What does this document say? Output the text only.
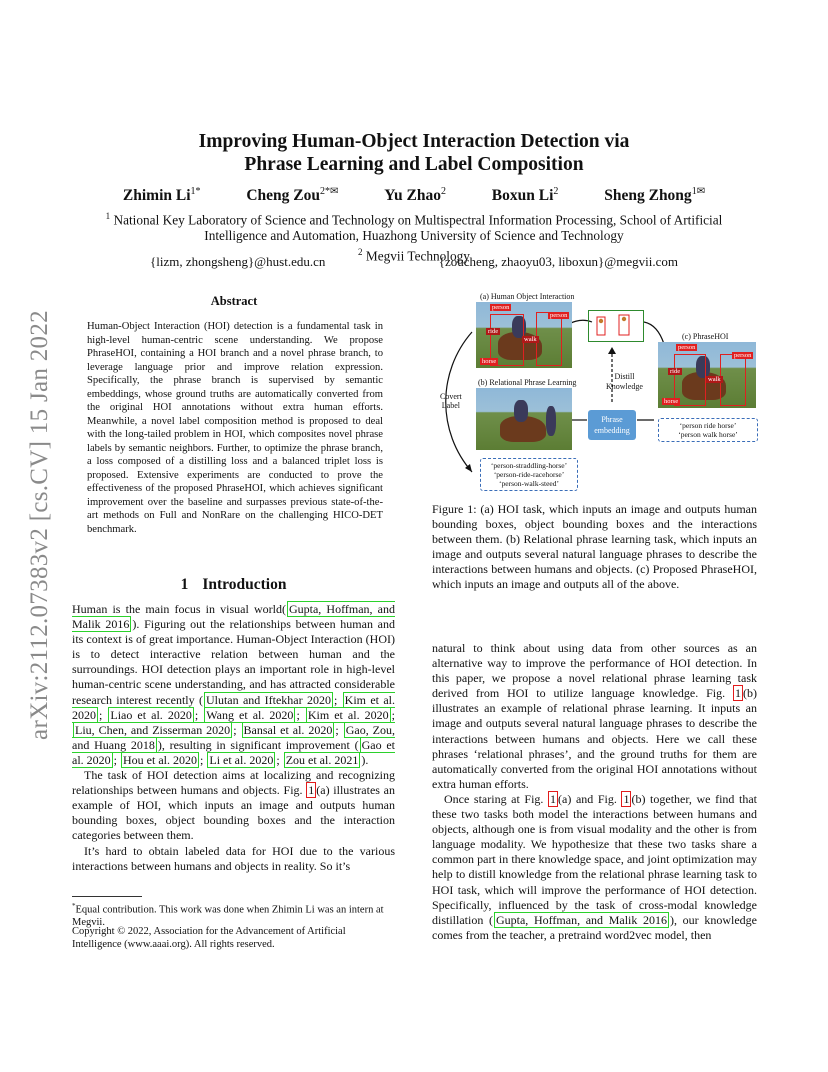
arXiv:2112.07383v2 [cs.CV] 15 Jan 2022
Improving Human-Object Interaction Detection via
Phrase Learning and Label Composition
Zhimin $Li^{1*}$	Cheng Zou$^{2*✉}$	Yu Zhao$^2$	Boxun Li$^2$	Sheng Zhong$^{1✉}$
$^1$ National Key Laboratory of Science and Technology on Multispectral Information Processing, School of Artificial
Intelligence and Automation, Huazhong University of Science and Technology
$^2$ Megvii Technology
{lizm, zhongsheng}@hust.edu.cn	{zoucheng, zhaoyu03, liboxun}@megvii.com
Abstract
Human-Object Interaction (HOI) detection is a fundamental task in high-level human-centric scene understanding. We propose PhraseHOI, containing a HOI branch and a novel phrase branch, to leverage language prior and improve relation expression. Specifically, the phrase branch is supervised by semantic embeddings, whose ground truths are automatically converted from the original HOI annotations without extra human efforts. Meanwhile, a novel label composition method is proposed to deal with the long-tailed problem in HOI, which composites novel phrase labels by semantic neighbors. Further, to optimize the phrase branch, a loss composed of a distilling loss and a balanced triplet loss is proposed. Extensive experiments are conducted to prove the effectiveness of the proposed PhraseHOI, which achieves significant improvement over the baseline and surpasses previous state-of-the-art methods on Full and NonRare on the challenging HICO-DET benchmark.
1 Introduction

Human is the main focus in visual world( Gupta, Hoffman, and Malik 2016 ). Figuring out the relationships between human and its context is of great importance. Human-Object Interaction (HOI) is to detect interactive relation between human and the surroundings. HOI detection plays an important role in high-level human-centric scene understanding, and has attracted considerable research interest recently ( Ulutan and Iftekhar 2020 ; Kim et al. 2020 ; Liao et al. 2020 ; Wang et al. 2020 ; Kim et al. 2020 ; Liu, Chen, and Zisserman 2020 ; Bansal et al. 2020 ; Gao, Zou, and Huang 2018 ), resulting in significant improvement ( Gao et al. 2020 ; Hou et al. 2020 ; Li et al. 2020 ; Zou et al. 2021 ).

The task of HOI detection aims at localizing and recognizing relationships between humans and objects. Fig. 1 (a) illustrates an example of HOI, which inputs an image and outputs human bounding boxes, object bounding boxes and the interaction categories between them.

It’s hard to obtain labeled data for HOI due to the various interactions between humans and objects in reality. So it’s

*Equal contribution. This work was done when Zhimin Li was an intern at Megvii.
Copyright © 2022, Association for the Advancement of Artificial Intelligence (www.aaai.org). All rights reserved.
(a) Human Object Interaction
person
person
ride
walk
horse
Covert
Label
Distill
Knowledge
(b) Relational Phrase Learning
Phrase
embedding
‘person-straddling-horse’
‘person-ride-racehorse’
‘person-walk-steed’
(c) PhraseHOI
person
person
ride
walk
horse
‘person ride horse’
‘person walk horse’
Figure 1: (a) HOI task, which inputs an image and outputs human bounding boxes, object bounding boxes and the interactions between them. (b) Relational phrase learning task, which inputs an image and outputs several natural language phrases to describe the interactions between humans and objects. (c) Proposed PhraseHOI, which inputs an image and outputs all of the above.

natural to think about using data from other sources as an alternative way to improve the performance of HOI detection. In this paper, we propose a novel relational phrase learning task derived from HOI to utilize language knowledge. Fig. 1 (b) illustrates an example of relational phrase learning. It inputs an image and outputs several natural language phrases to describe the interactions between humans and objects. Here we call these phrases ‘relational phrases’, and the ground truths for them are automatically converted from the original HOI annotations without extra human efforts.

Once staring at Fig. 1 (a) and Fig. 1 (b) together, we find that these two tasks both model the interactions between humans and objects, although one is from visual modality and the other is from language modality. We hypothesize that these two tasks share a common part in there knowledge space, and joint optimization may help to distill knowledge from the relational phrase learning task to HOI task, which will improve the performance of HOI detection. Specifically, influenced by the task of cross-modal knowledge distillation ( Gupta, Hoffman, and Malik 2016 ), our knowledge comes from the teacher, a pretraind word2vec model, then
